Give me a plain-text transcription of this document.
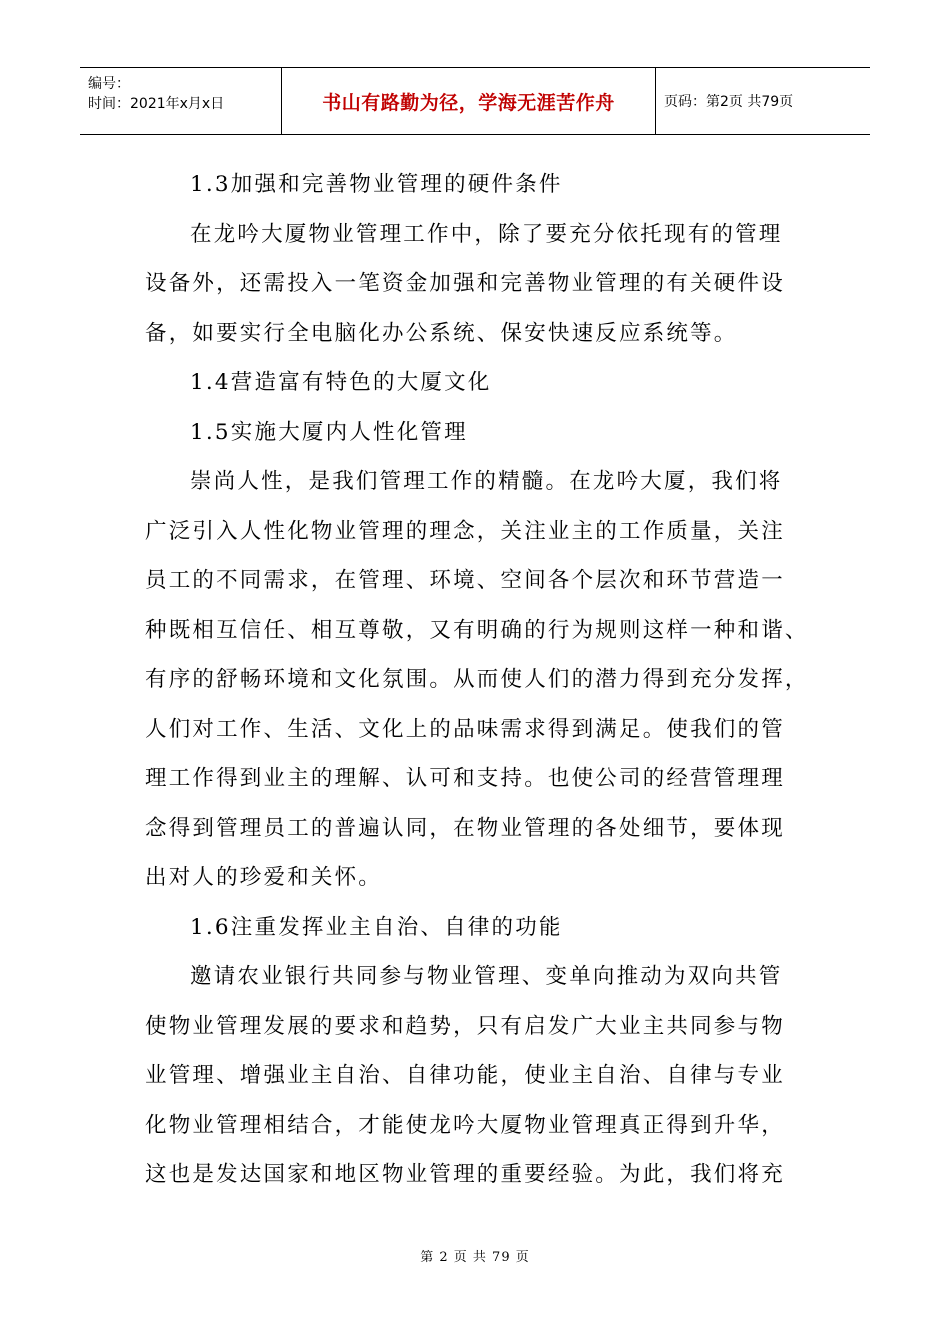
编号：
时间：2021年x月x日	书山有路勤为径，学海无涯苦作舟	页码：第2页 共79页
1.3加强和完善物业管理的硬件条件
在龙吟大厦物业管理工作中，除了要充分依托现有的管理
设备外，还需投入一笔资金加强和完善物业管理的有关硬件设
备，如要实行全电脑化办公系统、保安快速反应系统等。
1.4营造富有特色的大厦文化
1.5实施大厦内人性化管理
崇尚人性，是我们管理工作的精髓。在龙吟大厦，我们将
广泛引入人性化物业管理的理念，关注业主的工作质量，关注
员工的不同需求，在管理、环境、空间各个层次和环节营造一
种既相互信任、相互尊敬，又有明确的行为规则这样一种和谐、
有序的舒畅环境和文化氛围。从而使人们的潜力得到充分发挥，
人们对工作、生活、文化上的品味需求得到满足。使我们的管
理工作得到业主的理解、认可和支持。也使公司的经营管理理
念得到管理员工的普遍认同，在物业管理的各处细节，要体现
出对人的珍爱和关怀。
1.6注重发挥业主自治、自律的功能
邀请农业银行共同参与物业管理、变单向推动为双向共管
使物业管理发展的要求和趋势，只有启发广大业主共同参与物
业管理、增强业主自治、自律功能，使业主自治、自律与专业
化物业管理相结合，才能使龙吟大厦物业管理真正得到升华，
这也是发达国家和地区物业管理的重要经验。为此，我们将充
第 2 页 共 79 页
